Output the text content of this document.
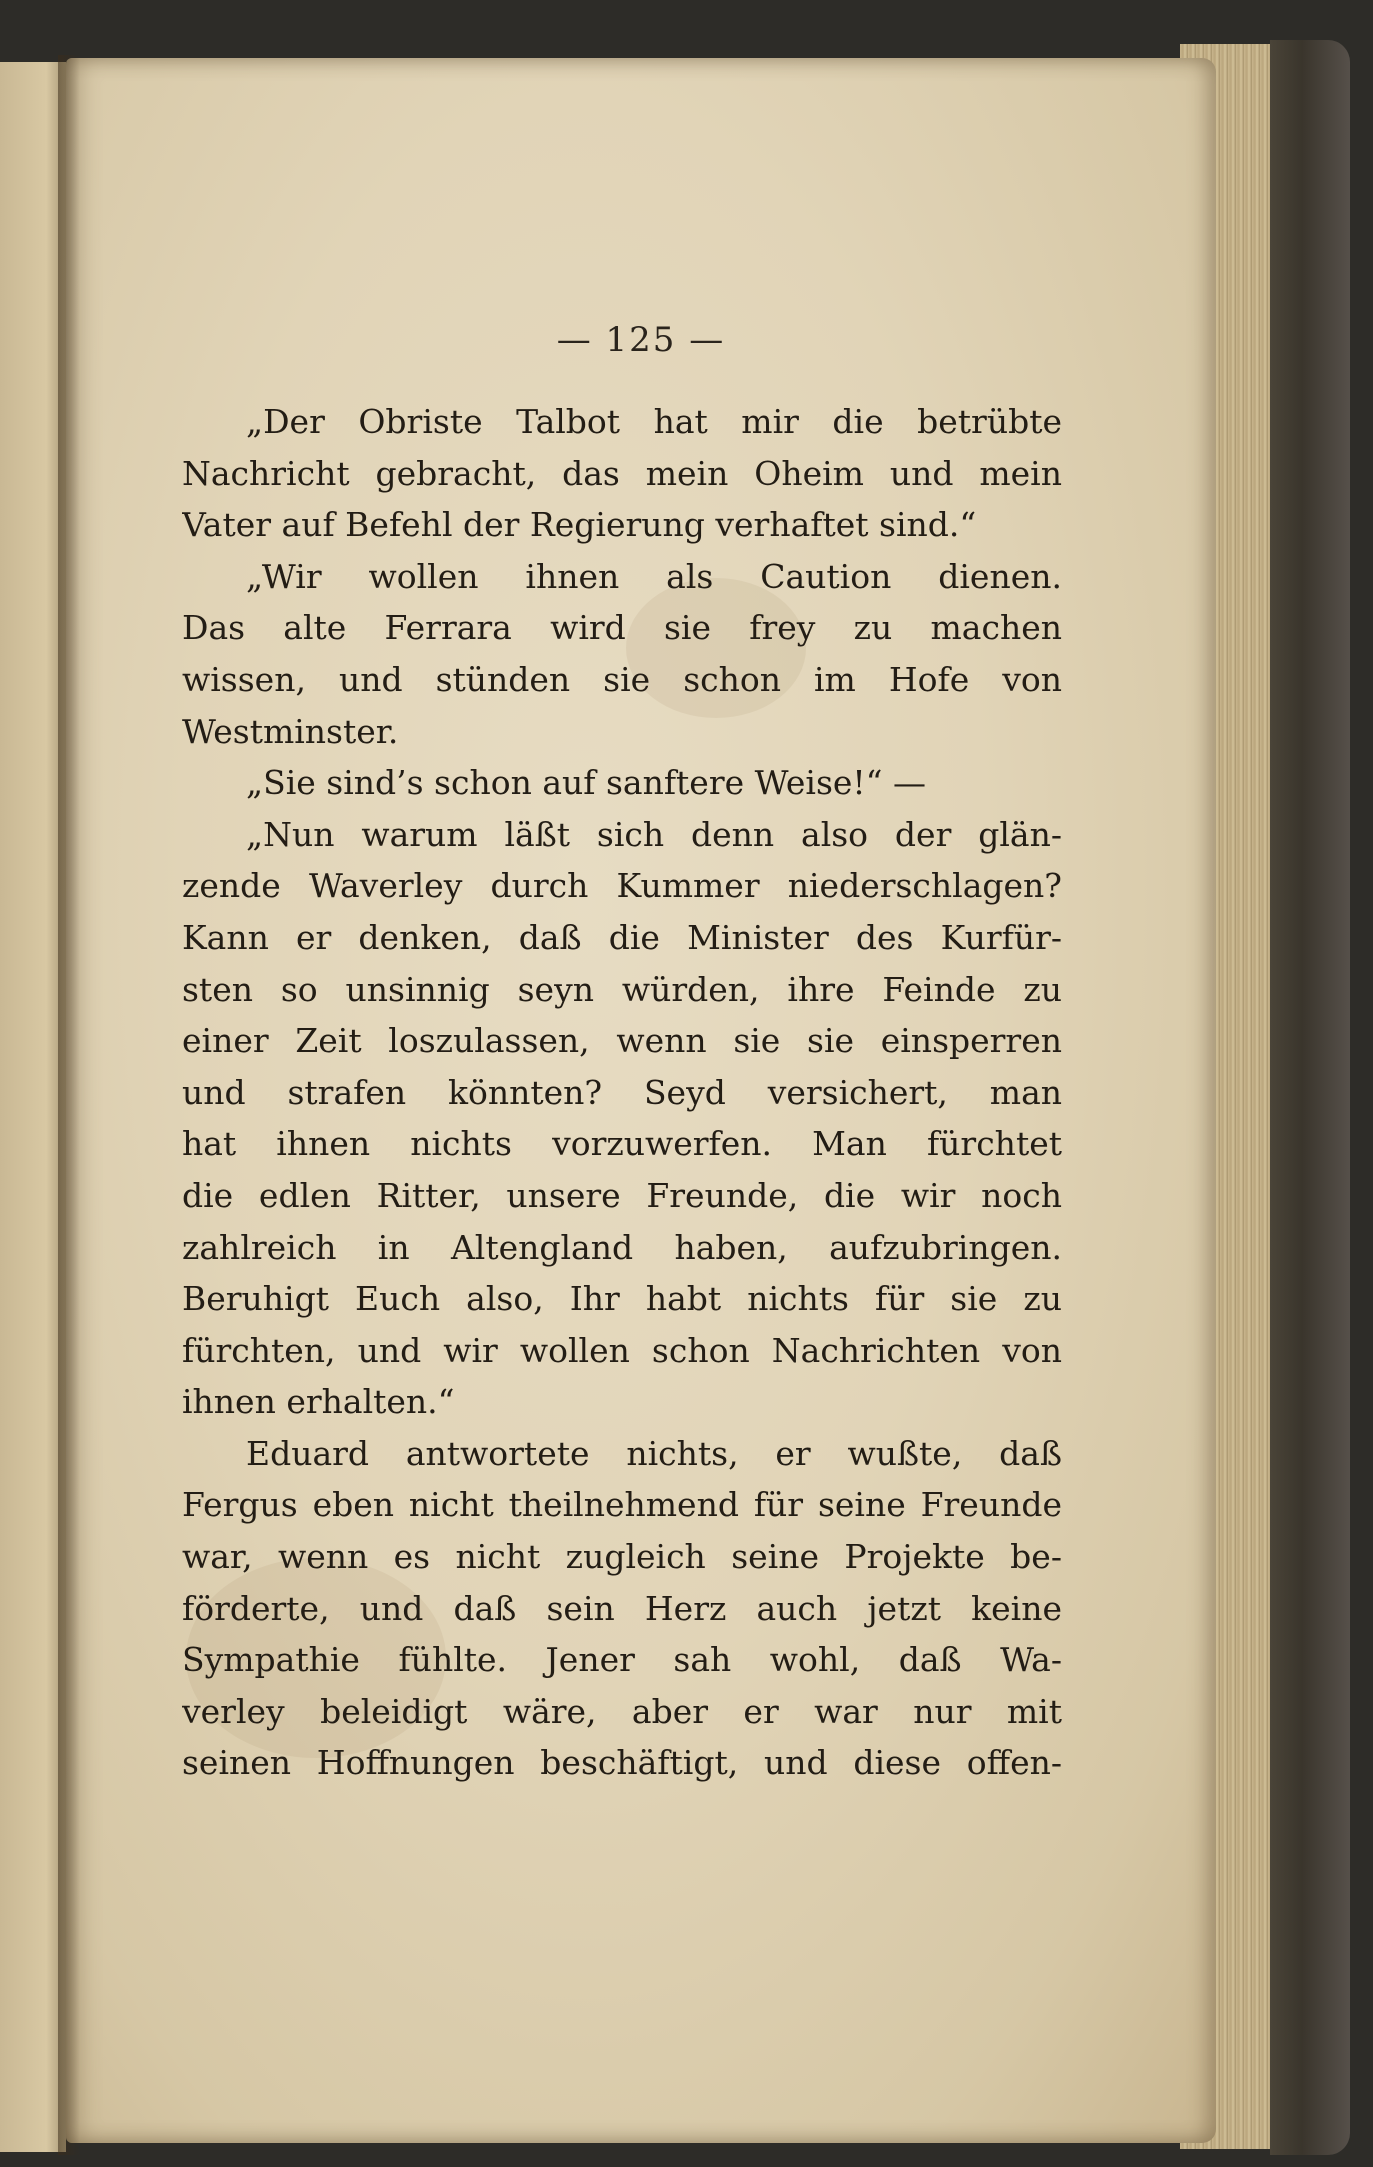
— 125 —
„Der Obriste Talbot hat mir die betrübte
Nachricht gebracht, das mein Oheim und mein
Vater auf Befehl der Regierung verhaftet sind.“
„Wir wollen ihnen als Caution dienen.
Das alte Ferrara wird sie frey zu machen
wissen, und stünden sie schon im Hofe von
Westminster.
„Sie sind’s schon auf sanftere Weise!“ —
„Nun warum läßt sich denn also der glän-
zende Waverley durch Kummer niederschlagen?
Kann er denken, daß die Minister des Kurfür-
sten so unsinnig seyn würden, ihre Feinde zu
einer Zeit loszulassen, wenn sie sie einsperren
und strafen könnten? Seyd versichert, man
hat ihnen nichts vorzuwerfen. Man fürchtet
die edlen Ritter, unsere Freunde, die wir noch
zahlreich in Altengland haben, aufzubringen.
Beruhigt Euch also, Ihr habt nichts für sie zu
fürchten, und wir wollen schon Nachrichten von
ihnen erhalten.“
Eduard antwortete nichts, er wußte, daß
Fergus eben nicht theilnehmend für seine Freunde
war, wenn es nicht zugleich seine Projekte be-
förderte, und daß sein Herz auch jetzt keine
Sympathie fühlte. Jener sah wohl, daß Wa-
verley beleidigt wäre, aber er war nur mit
seinen Hoffnungen beschäftigt, und diese offen-
